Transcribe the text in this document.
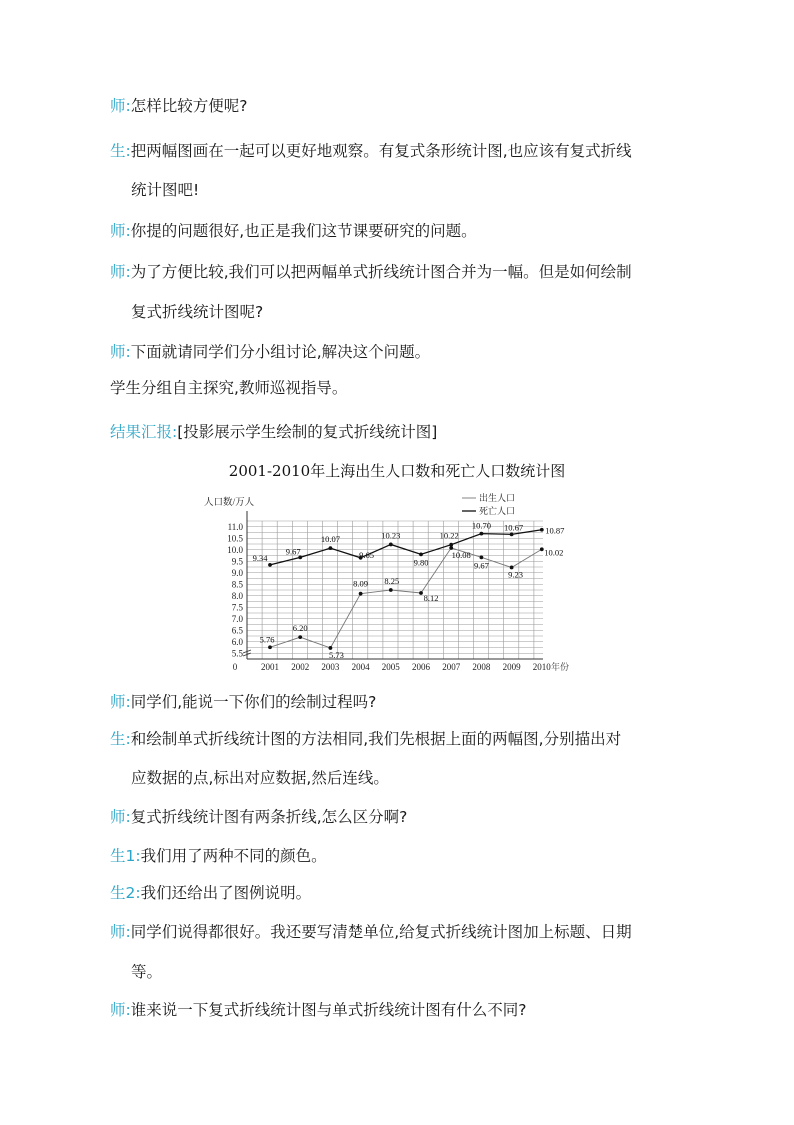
师:怎样比较方便呢?
生:把两幅图画在一起可以更好地观察。有复式条形统计图,也应该有复式折线
统计图吧!
师:你提的问题很好,也正是我们这节课要研究的问题。
师:为了方便比较,我们可以把两幅单式折线统计图合并为一幅。但是如何绘制
复式折线统计图呢?
师:下面就请同学们分小组讨论,解决这个问题。
学生分组自主探究,教师巡视指导。
结果汇报:[投影展示学生绘制的复式折线统计图]
师:同学们,能说一下你们的绘制过程吗?
生:和绘制单式折线统计图的方法相同,我们先根据上面的两幅图,分别描出对
应数据的点,标出对应数据,然后连线。
师:复式折线统计图有两条折线,怎么区分啊?
生1:我们用了两种不同的颜色。
生2:我们还给出了图例说明。
师:同学们说得都很好。我还要写清楚单位,给复式折线统计图加上标题、日期
等。
师:谁来说一下复式折线统计图与单式折线统计图有什么不同?
2001-2010年上海出生人口数和死亡人口数统计图
5.5
6.0
6.5
7.0
7.5
8.0
8.5
9.0
9.5
10.0
10.5
11.0
0	2001 2002 2003 2004 2005 2006 2007 2008 2009 2010 年份
人口数/万人	出生人口
死亡人口
5.76
6.20
5.73
8.09 8.25
8.12
10.08
9.67
9.23
10.02
9.34
9.67
10.07
9.65
10.23
9.80
10.22
10.70 10.67	10.87
